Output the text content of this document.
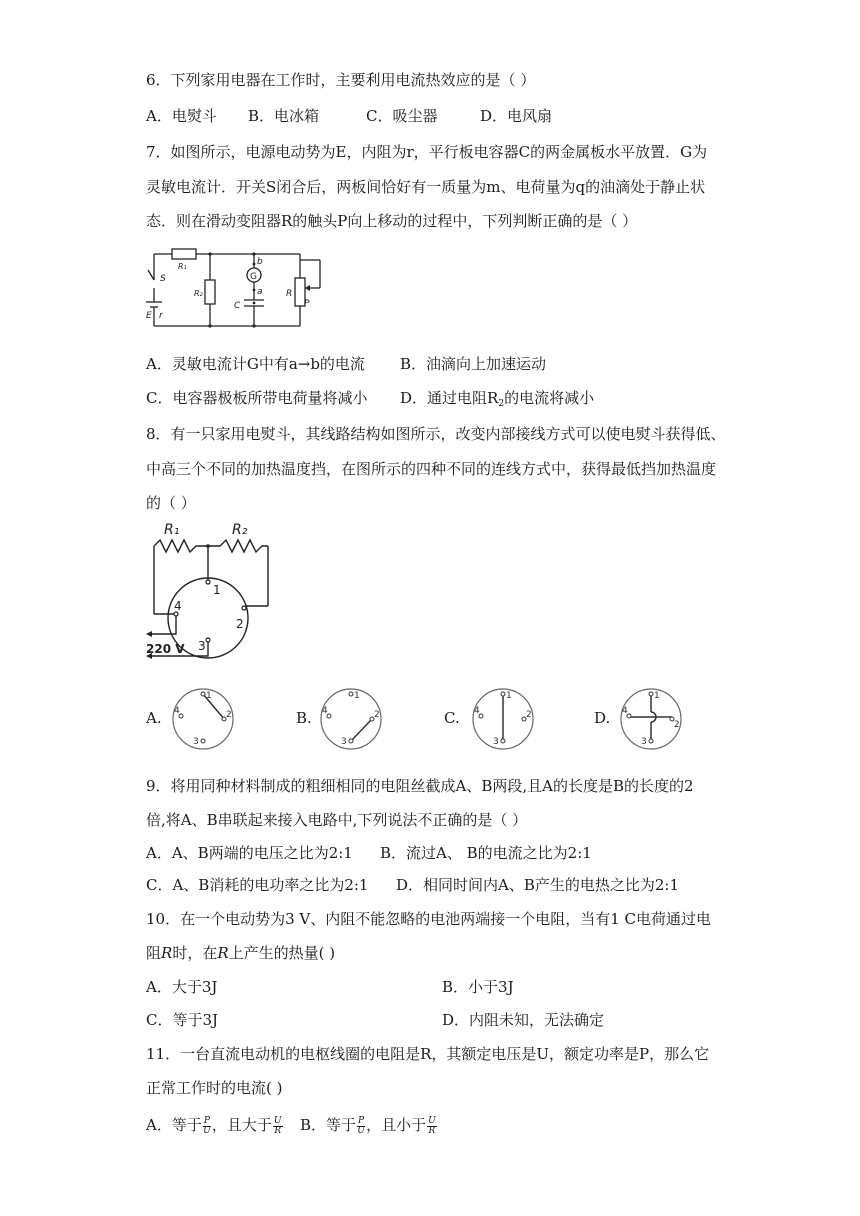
6．下列家用电器在工作时，主要利用电流热效应的是（ ）
A．电熨斗 B．电冰箱	C．吸尘器	D．电风扇
7．如图所示，电源电动势为E，内阻为r，平行板电容器C的两金属板水平放置．G为
灵敏电流计．开关S闭合后，两板间恰好有一质量为m、电荷量为q的油滴处于静止状
态．则在滑动变阻器R的触头P向上移动的过程中，下列判断正确的是（ ）
R₁
S
E r
R₂
G
b
a
C
R
P
A．灵敏电流计G中有a→b的电流 B．油滴向上加速运动
C．电容器极板所带电荷量将减小 D．通过电阻$R_2$的电流将减小
8．有一只家用电熨斗，其线路结构如图所示，改变内部接线方式可以使电熨斗获得低、
中高三个不同的加热温度挡，在图所示的四种不同的连线方式中，获得最低挡加热温度
的（ ）
R₁	R₂
1
2
3
4
220 V
A.
1
2
3
4	B.
1
2
3
4	C.
1
2
3
4	D.
1
2
3
4
9．将用同种材料制成的粗细相同的电阻丝截成A、B两段,且A的长度是B的长度的2
倍,将A、B串联起来接入电路中,下列说法不正确的是（ ）
A．A、B两端的电压之比为2:1 B．流过A、 B的电流之比为2:1
C．A、B消耗的电功率之比为2:1 D．相同时间内A、B产生的电热之比为2:1
10．在一个电动势为3 V、内阻不能忽略的电池两端接一个电阻，当有1 C电荷通过电
阻R时，在R上产生的热量( )
A．大于3J	B．小于3J
C．等于3J	D．内阻未知，无法确定
11．一台直流电动机的电枢线圈的电阻是R，其额定电压是U，额定功率是P，那么它
正常工作时的电流( )
A．等于 $\frac{P}{U}$ ，且大于 $\frac{U}{R}$ B．等于 $\frac{P}{U}$ ，且小于 $\frac{U}{R}$
